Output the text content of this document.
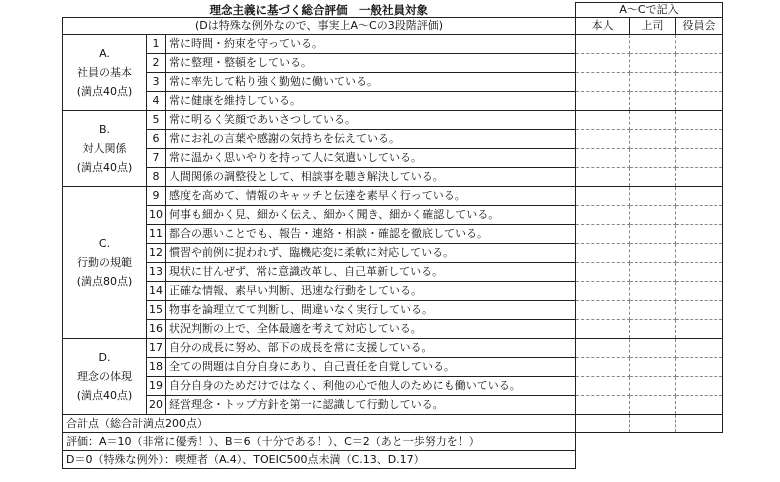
理念主義に基づく総合評価　一般社員対象			A～Cで記入		
(Dは特殊な例外なので、事実上A～Cの3段階評価)			本人	上司	役員会

A.
社員の基本
(満点40点)	1	常に時間・約束を守っている。			
	2	常に整理・整頓をしている。			
	3	常に率先して粘り強く勤勉に働いている。			
	4	常に健康を維持している。			

B.
対人関係
(満点40点)	5	常に明るく笑顔であいさつしている。			
	6	常にお礼の言葉や感謝の気持ちを伝えている。			
	7	常に温かく思いやりを持って人に気遣いしている。			
	8	人間関係の調整役として、相談事を聴き解決している。			

C.
行動の規範
(満点80点)	9	感度を高めて、情報のキャッチと伝達を素早く行っている。			
	10	何事も細かく見、細かく伝え、細かく聞き、細かく確認している。			
	11	都合の悪いことでも、報告・連絡・相談・確認を徹底している。			
	12	慣習や前例に捉われず、臨機応変に柔軟に対応している。			
	13	現状に甘んぜず、常に意識改革し、自己革新している。			
	14	正確な情報、素早い判断、迅速な行動をしている。			
	15	物事を論理立てて判断し、間違いなく実行している。			
	16	状況判断の上で、全体最適を考えて対応している。			

D.
理念の体現
(満点40点)	17	自分の成長に努め、部下の成長を常に支援している。			
	18	全ての問題は自分自身にあり、自己責任を自覚している。			
	19	自分自身のためだけではなく、利他の心で他人のためにも働いている。			
	20	経営理念・トップ方針を第一に認識して行動している。			
合計点（総合計満点200点）					
評価：A＝10（非常に優秀！）、B＝6（十分である！）、C＝2（あと一歩努力を！）					
D＝0（特殊な例外）：喫煙者（A.4）、TOEIC500点未満（C.13、D.17）					
